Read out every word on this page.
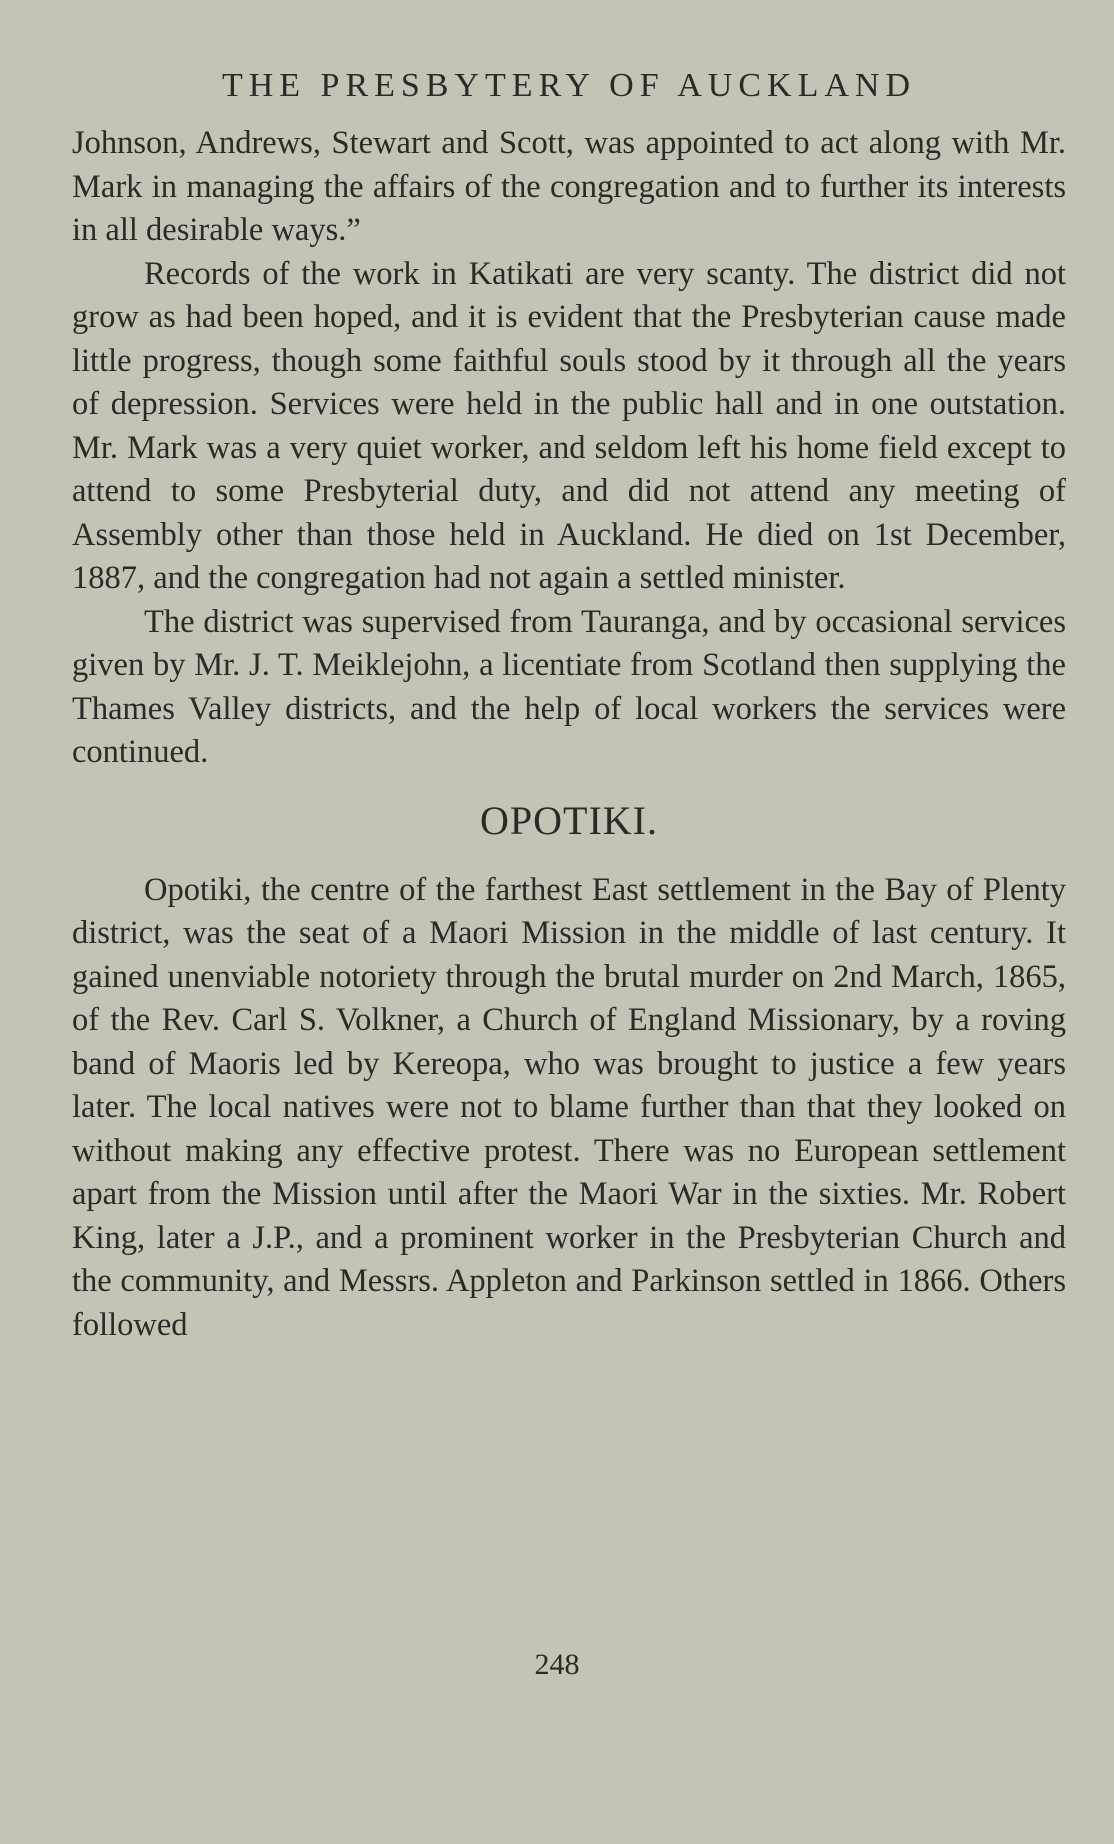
THE PRESBYTERY OF AUCKLAND

Johnson, Andrews, Stewart and Scott, was appointed to act along with Mr. Mark in managing the affairs of the congregation and to further its interests in all desirable ways.”

Records of the work in Katikati are very scanty. The district did not grow as had been hoped, and it is evident that the Presbyterian cause made little progress, though some faithful souls stood by it through all the years of depression. Services were held in the public hall and in one outstation. Mr. Mark was a very quiet worker, and seldom left his home field except to attend to some Presbyterial duty, and did not attend any meeting of Assembly other than those held in Auckland. He died on 1st December, 1887, and the congregation had not again a settled minister.

The district was supervised from Tauranga, and by occasional services given by Mr. J. T. Meiklejohn, a licentiate from Scotland then supplying the Thames Valley districts, and the help of local workers the services were continued.

OPOTIKI.

Opotiki, the centre of the farthest East settlement in the Bay of Plenty district, was the seat of a Maori Mission in the middle of last century. It gained unenviable notoriety through the brutal murder on 2nd March, 1865, of the Rev. Carl S. Volkner, a Church of England Missionary, by a roving band of Maoris led by Kereopa, who was brought to justice a few years later. The local natives were not to blame further than that they looked on without making any effective protest. There was no European settlement apart from the Mission until after the Maori War in the sixties. Mr. Robert King, later a J.P., and a prominent worker in the Presbyterian Church and the community, and Messrs. Appleton and Parkinson settled in 1866. Others followed

248
